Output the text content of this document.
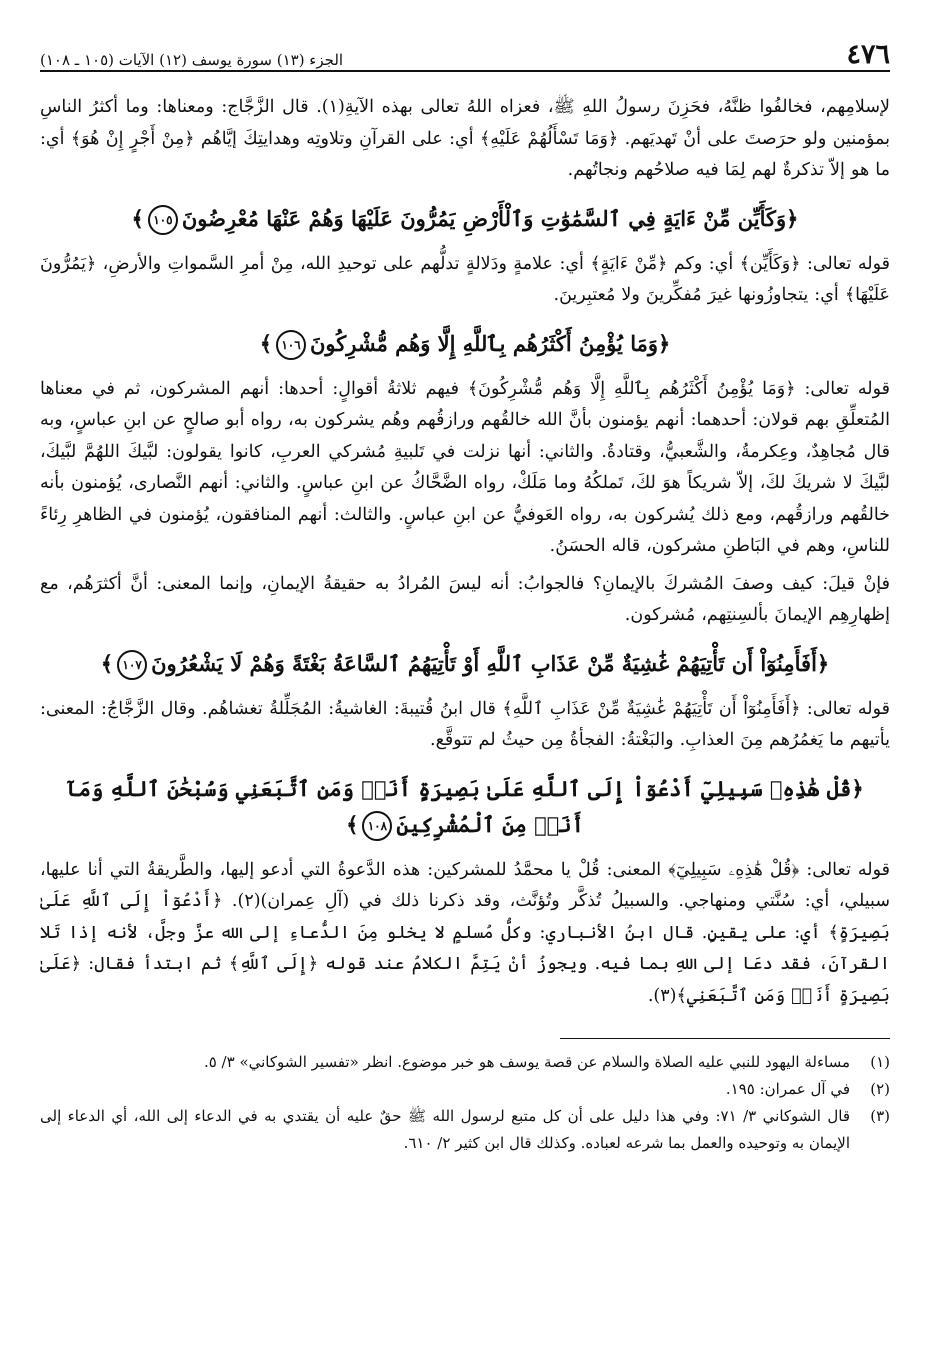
٤٧٦
الجزء (١٣) سورة يوسف (١٢) الآيات (١٠٥ ـ ١٠٨)

لإسلامِهم، فخالفُوا ظنَّهُ، فحَزِنَ رسولُ اللهِ ﷺ، فعزاه اللهُ تعالى بهذه الآيةِ(١). قال الزَّجَّاج: ومعناها: وما أكثرُ الناسِ بمؤمنين ولو حرَصتَ على أنْ تَهديَهم. ﴿وَمَا تَسْأَلُهُمْ عَلَيْهِ﴾ أي: على القرآنِ وتلاوتِه وهدايتِكَ إيَّاهُم ﴿مِنْ أَجْرٍ إِنْ هُوَ﴾ أي: ما هو إلاّ تذكرةٌ لهم لِمَا فيه صلاحُهم ونجاتُهم.

﴿وَكَأَيِّن مِّنْ ءَايَةٍ فِي ٱلسَّمَٰوَٰتِ وَٱلْأَرْضِ يَمُرُّونَ عَلَيْهَا وَهُمْ عَنْهَا مُعْرِضُونَ١٠٥﴾

قوله تعالى: ﴿وَكَأَيِّن﴾ أي: وكم ﴿مِّنْ ءَايَةٍ﴾ أي: علامةٍ ودَلالةٍ تدلُّهم على توحيدِ الله، مِنْ أمرِ السَّمواتِ والأرضِ، ﴿يَمُرُّونَ عَلَيْهَا﴾ أي: يتجاوزُونها غيرَ مُفكِّرينَ ولا مُعتبِرينَ.

﴿وَمَا يُؤْمِنُ أَكْثَرُهُم بِٱللَّهِ إِلَّا وَهُم مُّشْرِكُونَ١٠٦﴾

قوله تعالى: ﴿وَمَا يُؤْمِنُ أَكْثَرُهُم بِٱللَّهِ إِلَّا وَهُم مُّشْرِكُونَ﴾ فيهم ثلاثةُ أقوالٍ: أحدها: أنهم المشركون، ثم في معناها المُتعلِّقِ بهم قولان: أحدهما: أنهم يؤمنون بأنَّ الله خالقُهم ورازقُهم وهُم يشركون به، رواه أبو صالحٍ عن ابنِ عباسٍ، وبه قال مُجاهِدٌ، وعِكرمةُ، والشَّعبيُّ، وقتادةُ. والثاني: أنها نزلت في تَلبيةِ مُشركي العربِ، كانوا يقولون: لبَّيكَ اللهُمَّ لبَّيكَ، لبَّيكَ لا شريكَ لكَ، إلاّ شريكاً هوَ لكَ، تَملكُهُ وما مَلَكْ، رواه الضَّحَّاكُ عن ابنِ عباسٍ. والثاني: أنهم النَّصارى، يُؤمنون بأنه خالقُهم ورازقُهم، ومع ذلك يُشركون به، رواه العَوفيُّ عن ابنِ عباسٍ. والثالث: أنهم المنافقون، يُؤمنون في الظاهرِ رِئاءً للناسِ، وهم في البَاطنِ مشركون، قاله الحسَنُ.

فإنْ قيلَ: كيف وصفَ المُشركَ بالإيمانِ؟ فالجوابُ: أنه ليسَ المُرادُ به حقيقةُ الإيمانِ، وإنما المعنى: أنَّ أكثرَهُم، مع إظهارِهِم الإيمانَ بألسِنتِهم، مُشركون.

﴿أَفَأَمِنُوٓاْ أَن تَأْتِيَهُمْ غَٰشِيَةٌ مِّنْ عَذَابِ ٱللَّهِ أَوْ تَأْتِيَهُمُ ٱلسَّاعَةُ بَغْتَةً وَهُمْ لَا يَشْعُرُونَ١٠٧﴾

قوله تعالى: ﴿أَفَأَمِنُوٓاْ أَن تَأْتِيَهُمْ غَٰشِيَةٌ مِّنْ عَذَابِ ٱللَّهِ﴾ قال ابنُ قُتيبةَ: الغاشيةُ: المُجَلِّلةُ تغشاهُم. وقال الزَّجَّاجُ: المعنى: يأتيهم ما يَغمُرُهم مِنَ العذابِ. والبَغْتةُ: الفجأةُ مِن حيثُ لم تتوقَّع.

﴿قُلْ هَٰذِهِۦ سَبِيلِيٓ أَدْعُوٓاْ إِلَى ٱللَّهِ عَلَىٰ بَصِيرَةٍ أَنَا۠ وَمَنِ ٱتَّبَعَنِي وَسُبْحَٰنَ ٱللَّهِ وَمَآ أَنَا۠ مِنَ ٱلْمُشْرِكِينَ١٠٨﴾

قوله تعالى: ﴿قُلْ هَٰذِهِۦ سَبِيلِيٓ﴾ المعنى: قُلْ يا محمَّدُ للمشركين: هذه الدَّعوةُ التي أدعو إليها، والطَّريقةُ التي أنا عليها، سبيلي، أي: سُنَّتي ومنهاجي. والسبيلُ تُذكَّر وتُؤنَّث، وقد ذكرنا ذلك في (آلِ عِمران)(٢). ﴿أَدْعُوٓاْ إِلَى ٱللَّهِ عَلَىٰ بَصِيرَةٍ﴾ أي: على يقينٍ. قال ابنُ الأنباري: وكلُّ مُسلمٍ لا يخلو مِنَ الدُّعاءِ إلى الله عزَّ وجلَّ، لأنه إذا تَلا القرآنَ، فقد دعَا إلى اللهِ بما فيه. ويجوزُ أنْ يَتِمَّ الكلامُ عند قوله ﴿إِلَى ٱللَّهِ﴾ ثم ابتدأ فقال: ﴿عَلَىٰ بَصِيرَةٍ أَنَا۠ وَمَنِ ٱتَّبَعَنِي﴾(٣).

(١)
مساءلة اليهود للنبي عليه الصلاة والسلام عن قصة يوسف هو خبر موضوع. انظر «تفسير الشوكاني» ٣/ ٥.
(٢)
في آل عمران: ١٩٥.
(٣)
قال الشوكاني ٣/ ٧١: وفي هذا دليل على أن كل متبع لرسول الله ﷺ حقٌ عليه أن يقتدي به في الدعاء إلى الله، أي الدعاء إلى الإيمان به وتوحيده والعمل بما شرعه لعباده. وكذلك قال ابن كثير ٢/ ٦١٠.
